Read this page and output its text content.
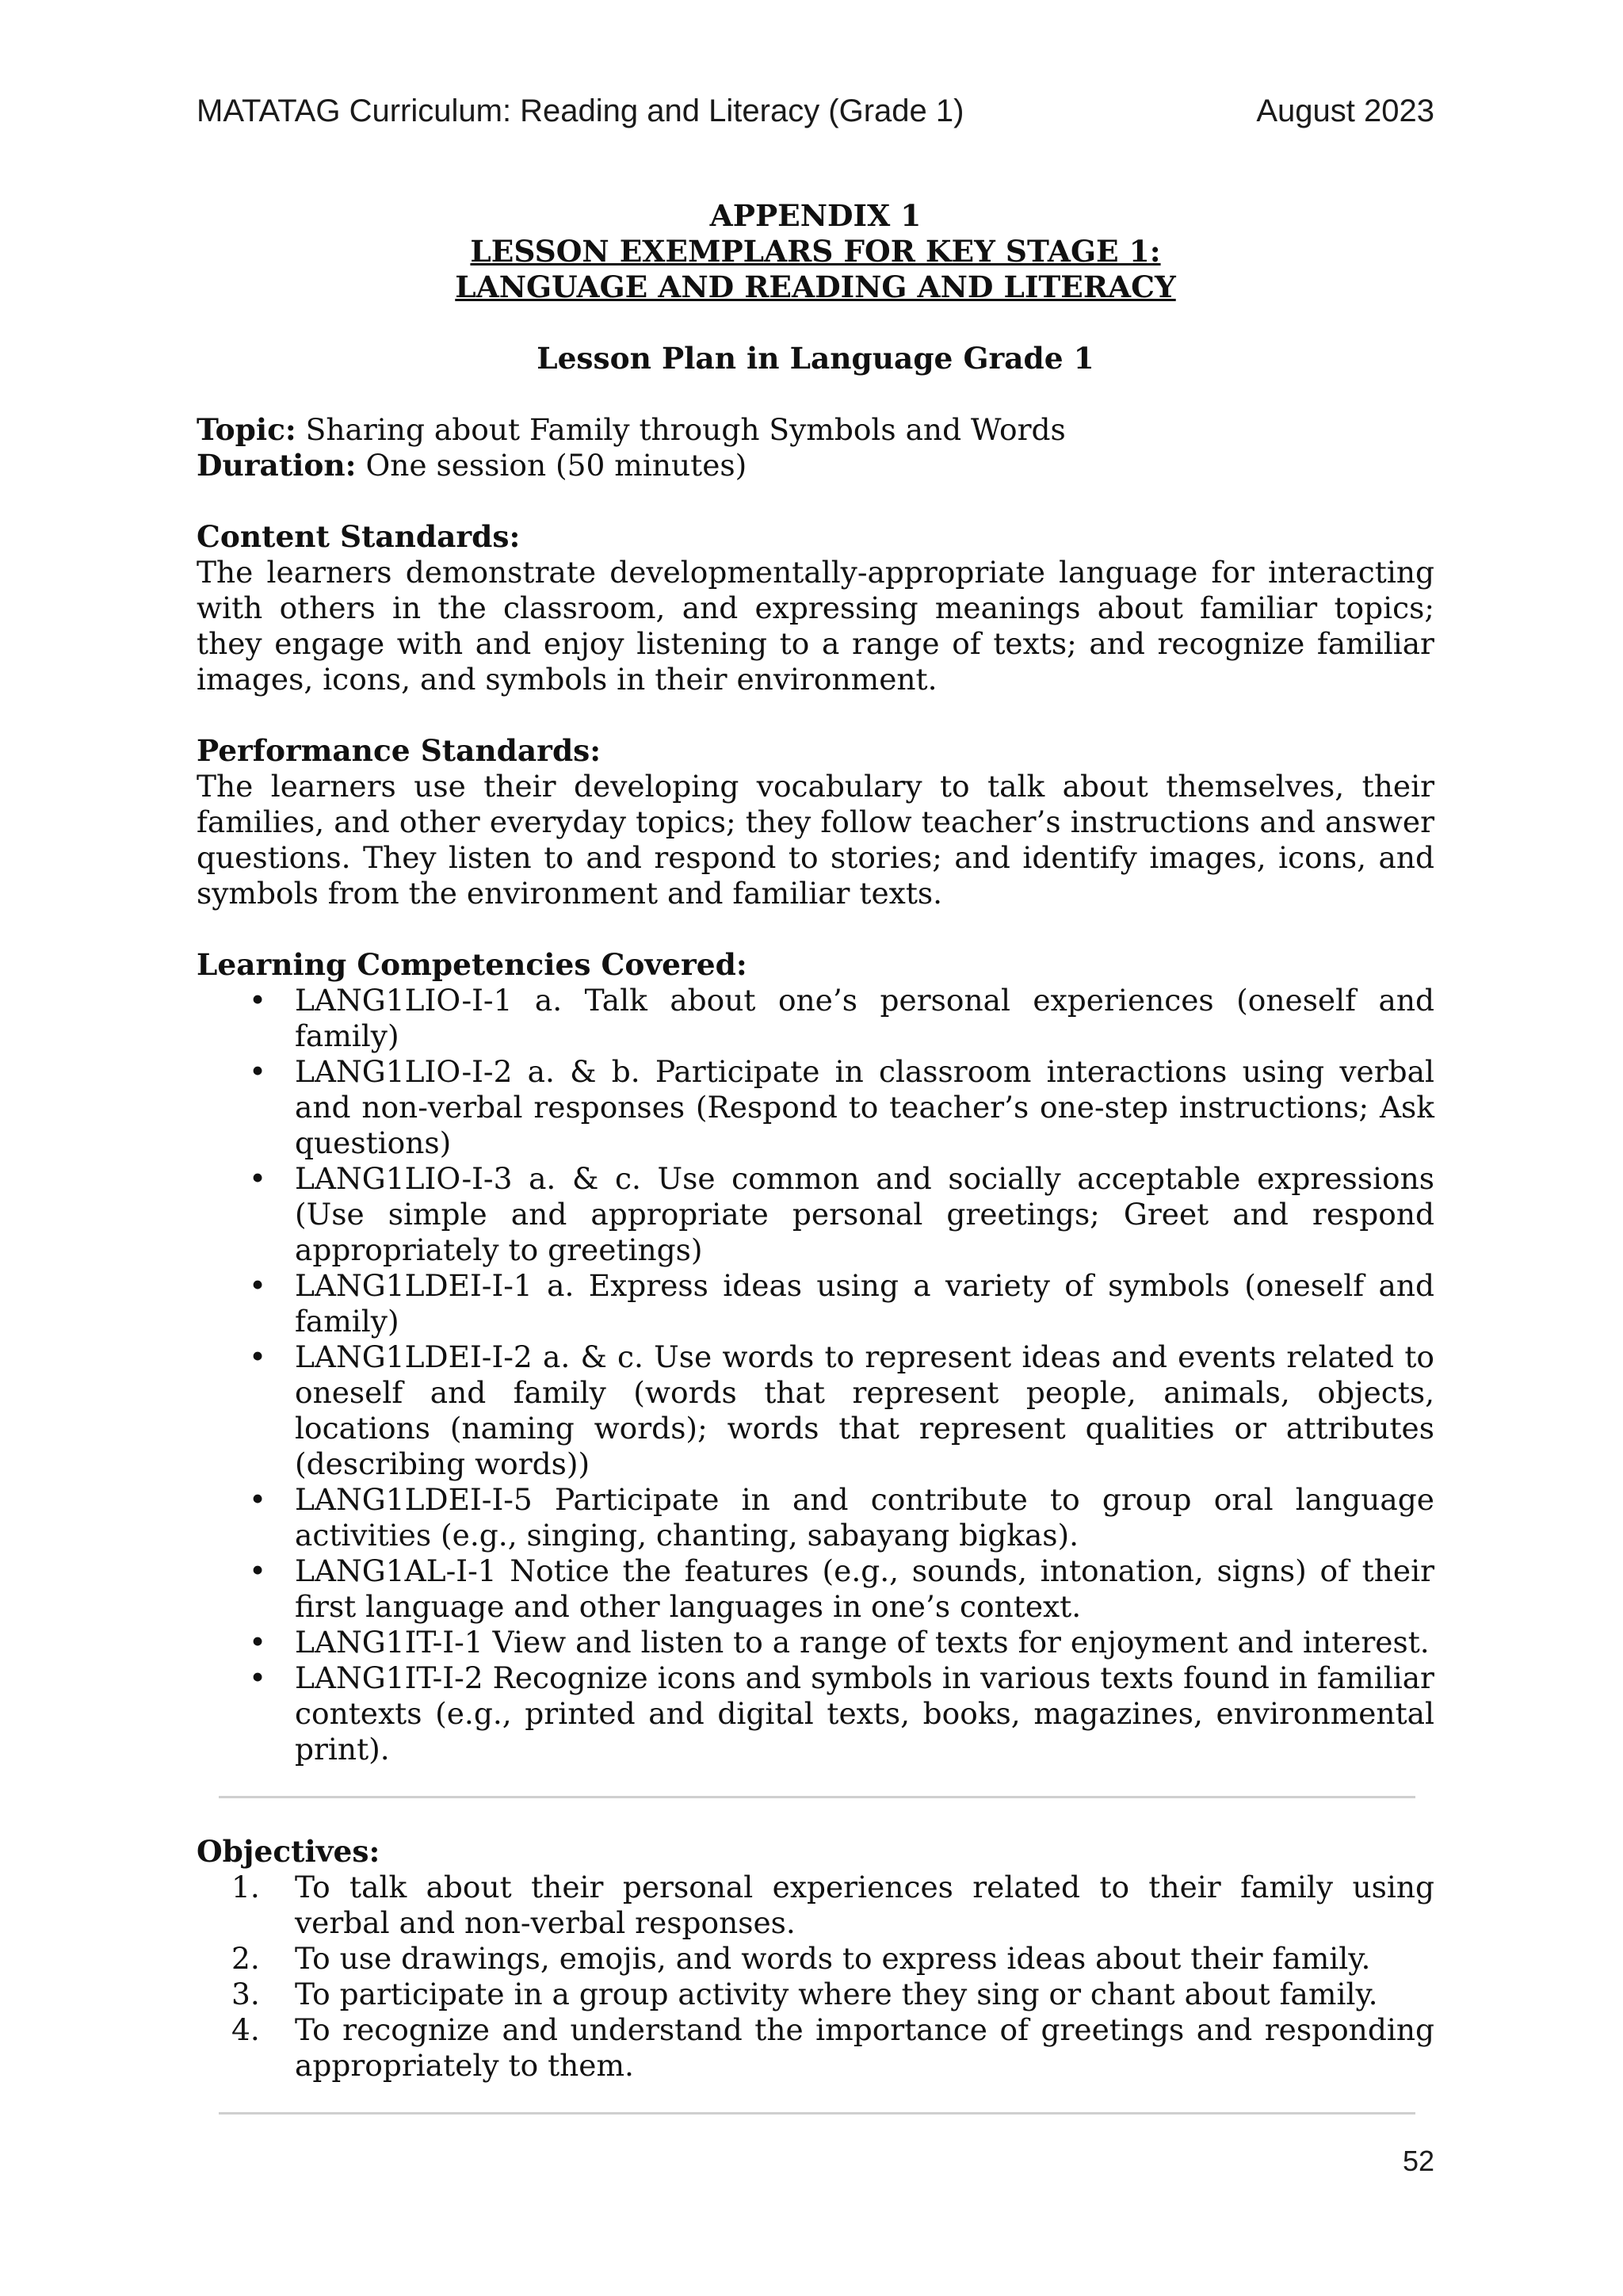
MATATAG Curriculum: Reading and Literacy (Grade 1)	August 2023
APPENDIX 1
LESSON EXEMPLARS FOR KEY STAGE 1:
LANGUAGE AND READING AND LITERACY
Lesson Plan in Language Grade 1
Topic: Sharing about Family through Symbols and Words
Duration: One session (50 minutes)
Content Standards:

The learners demonstrate developmentally-appropriate language for interacting with others in the classroom, and expressing meanings about familiar topics; they engage with and enjoy listening to a range of texts; and recognize familiar images, icons, and symbols in their environment.

Performance Standards:

The learners use their developing vocabulary to talk about themselves, their families, and other everyday topics; they follow teacher’s instructions and answer questions. They listen to and respond to stories; and identify images, icons, and symbols from the environment and familiar texts.

Learning Competencies Covered:
• LANG1LIO-I-1 a. Talk about one’s personal experiences (oneself and family)
• LANG1LIO-I-2 a. & b. Participate in classroom interactions using verbal and non-verbal responses (Respond to teacher’s one-step instructions; Ask questions)
• LANG1LIO-I-3 a. & c. Use common and socially acceptable expressions (Use simple and appropriate personal greetings; Greet and respond appropriately to greetings)
• LANG1LDEI-I-1 a. Express ideas using a variety of symbols (oneself and family)
• LANG1LDEI-I-2 a. & c. Use words to represent ideas and events related to oneself and family (words that represent people, animals, objects, locations (naming words); words that represent qualities or attributes (describing words))
• LANG1LDEI-I-5 Participate in and contribute to group oral language activities (e.g., singing, chanting, sabayang bigkas).
• LANG1AL-I-1 Notice the features (e.g., sounds, intonation, signs) of their first language and other languages in one’s context.
• LANG1IT-I-1 View and listen to a range of texts for enjoyment and interest.
• LANG1IT-I-2 Recognize icons and symbols in various texts found in familiar contexts (e.g., printed and digital texts, books, magazines, environmental print).
Objectives:
1. To talk about their personal experiences related to their family using verbal and non-verbal responses.
2. To use drawings, emojis, and words to express ideas about their family.
3. To participate in a group activity where they sing or chant about family.
4. To recognize and understand the importance of greetings and responding appropriately to them.
52
